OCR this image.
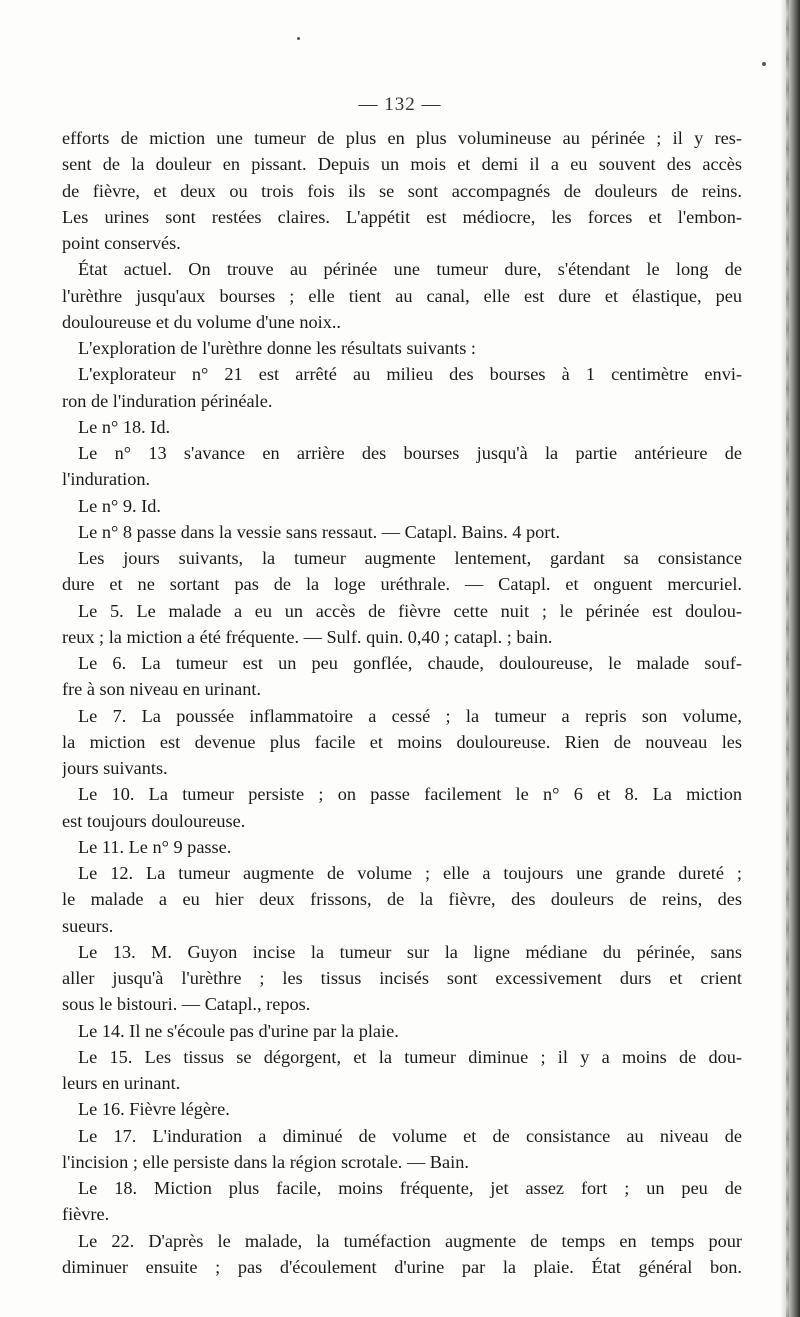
— 132 —
efforts de miction une tumeur de plus en plus volumineuse au périnée ; il y res-
sent de la douleur en pissant. Depuis un mois et demi il a eu souvent des accès
de fièvre, et deux ou trois fois ils se sont accompagnés de douleurs de reins.
Les urines sont restées claires. L'appétit est médiocre, les forces et l'embon-
point conservés.
État actuel. On trouve au périnée une tumeur dure, s'étendant le long de
l'urèthre jusqu'aux bourses ; elle tient au canal, elle est dure et élastique, peu
douloureuse et du volume d'une noix..
L'exploration de l'urèthre donne les résultats suivants :
L'explorateur n° 21 est arrêté au milieu des bourses à 1 centimètre envi-
ron de l'induration périnéale.
Le n° 18. Id.
Le n° 13 s'avance en arrière des bourses jusqu'à la partie antérieure de
l'induration.
Le n° 9. Id.
Le n° 8 passe dans la vessie sans ressaut. — Catapl. Bains. 4 port.
Les jours suivants, la tumeur augmente lentement, gardant sa consistance
dure et ne sortant pas de la loge uréthrale. — Catapl. et onguent mercuriel.
Le 5. Le malade a eu un accès de fièvre cette nuit ; le périnée est doulou-
reux ; la miction a été fréquente. — Sulf. quin. 0,40 ; catapl. ; bain.
Le 6. La tumeur est un peu gonflée, chaude, douloureuse, le malade souf-
fre à son niveau en urinant.
Le 7. La poussée inflammatoire a cessé ; la tumeur a repris son volume,
la miction est devenue plus facile et moins douloureuse. Rien de nouveau les
jours suivants.
Le 10. La tumeur persiste ; on passe facilement le n° 6 et 8. La miction
est toujours douloureuse.
Le 11. Le n° 9 passe.
Le 12. La tumeur augmente de volume ; elle a toujours une grande dureté ;
le malade a eu hier deux frissons, de la fièvre, des douleurs de reins, des
sueurs.
Le 13. M. Guyon incise la tumeur sur la ligne médiane du périnée, sans
aller jusqu'à l'urèthre ; les tissus incisés sont excessivement durs et crient
sous le bistouri. — Catapl., repos.
Le 14. Il ne s'écoule pas d'urine par la plaie.
Le 15. Les tissus se dégorgent, et la tumeur diminue ; il y a moins de dou-
leurs en urinant.
Le 16. Fièvre légère.
Le 17. L'induration a diminué de volume et de consistance au niveau de
l'incision ; elle persiste dans la région scrotale. — Bain.
Le 18. Miction plus facile, moins fréquente, jet assez fort ; un peu de
fièvre.
Le 22. D'après le malade, la tuméfaction augmente de temps en temps pour
diminuer ensuite ; pas d'écoulement d'urine par la plaie. État général bon.
